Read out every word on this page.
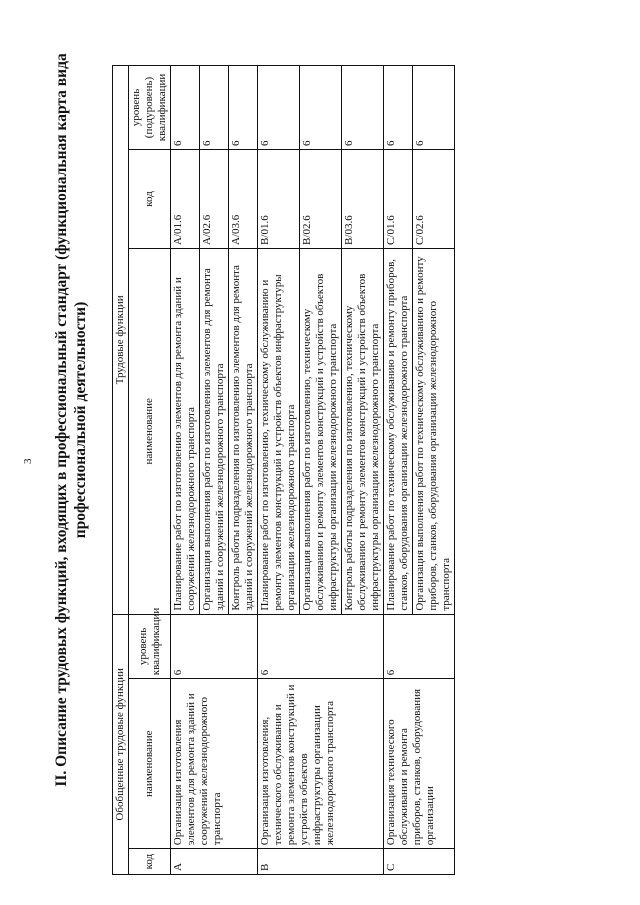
3 II. Описание трудовых функций, входящих в профессиональный стандарт (функциональная карта вида профессиональной деятельности)
Обобщенные трудовые функции			Трудовые функции		
код	наименование	уровень квалификации	наименование	код	уровень (подуровень) квалификации
A	Организация изготовления элементов для ремонта зданий и сооружений железнодорожного транспорта	6	Планирование работ по изготовлению элементов для ремонта зданий и сооружений железнодорожного транспорта	A/01.6	6
			Организация выполнения работ по изготовлению элементов для ремонта зданий и сооружений железнодорожного транспорта	A/02.6	6
			Контроль работы подразделения по изготовлению элементов для ремонта зданий и сооружений железнодорожного транспорта	A/03.6	6
B	Организация изготовления, технического обслуживания и ремонта элементов конструкций и устройств объектов инфраструктуры организации железнодорожного транспорта	6	Планирование работ по изготовлению, техническому обслуживанию и ремонту элементов конструкций и устройств объектов инфраструктуры организации железнодорожного транспорта	B/01.6	6
			Организация выполнения работ по изготовлению, техническому обслуживанию и ремонту элементов конструкций и устройств объектов инфраструктуры организации железнодорожного транспорта	B/02.6	6
			Контроль работы подразделения по изготовлению, техническому обслуживанию и ремонту элементов конструкций и устройств объектов инфраструктуры организации железнодорожного транспорта	B/03.6	6
C	Организация технического обслуживания и ремонта приборов, станков, оборудования организации	6	Планирование работ по техническому обслуживанию и ремонту приборов, станков, оборудования организации железнодорожного транспорта	C/01.6	6
			Организация выполнения работ по техническому обслуживанию и ремонту приборов, станков, оборудования организации железнодорожного транспорта	C/02.6	6
